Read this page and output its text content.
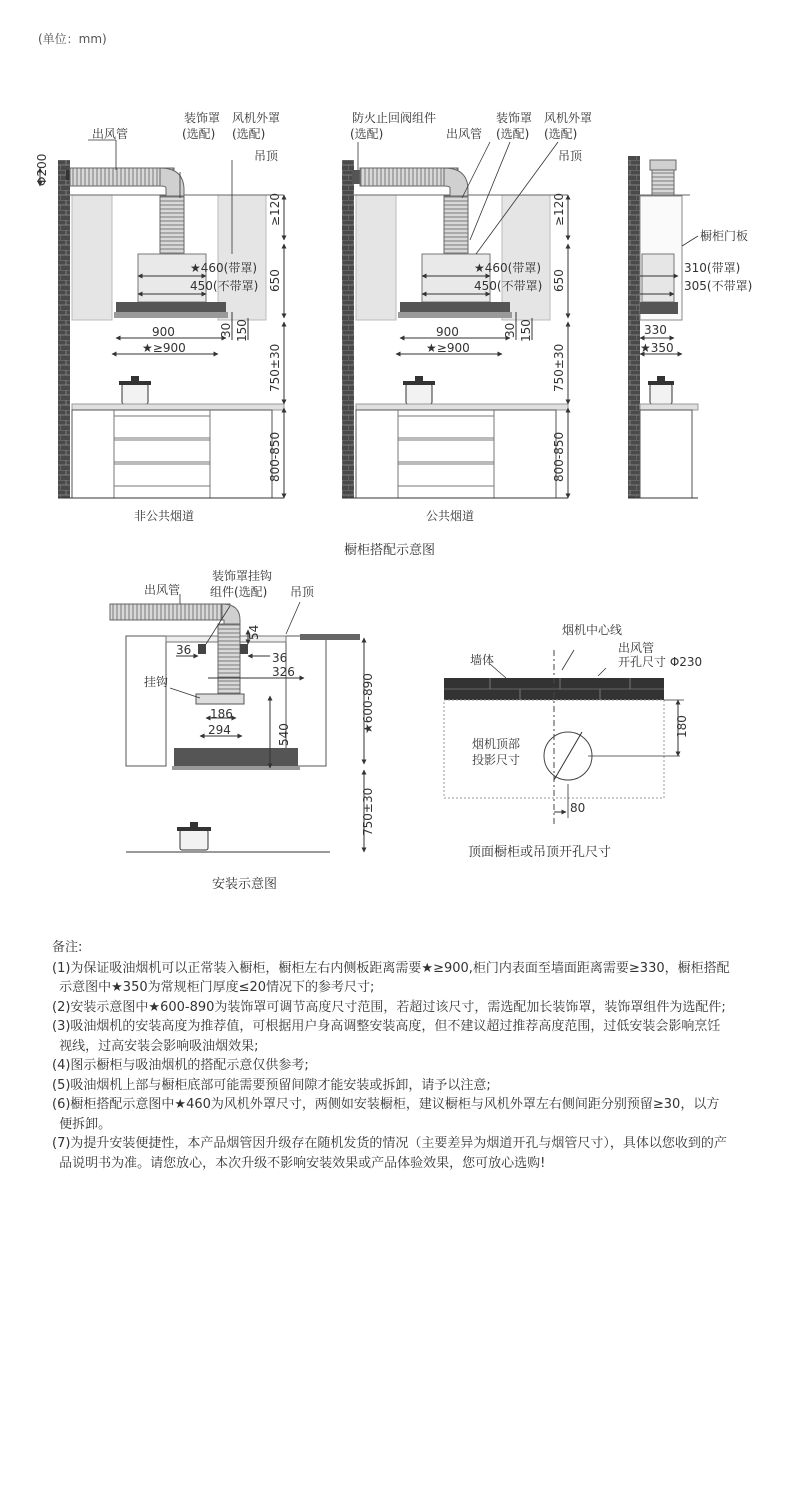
(单位：mm)
出风管
装饰罩
(选配)
风机外罩
(选配)
吊顶
Φ200
≥120
650
750±30
800-850
★460(带罩)
450(不带罩)
900	30 150
★≥900
非公共烟道
防火止回阀组件
(选配)	出风管
装饰罩
(选配)
风机外罩
(选配)
吊顶
≥120
650
750±30
800-850
★460(带罩)
450(不带罩)
900	30 150
★≥900
公共烟道
橱柜门板
310(带罩)
305(不带罩)
330
★350
橱柜搭配示意图
出风管
装饰罩挂钩
组件(选配) 吊顶
挂钩
54
36
36
326
186
294	540
★600-890
750±30
安装示意图
烟机中心线
墙体
出风管
开孔尺寸 Φ230
烟机顶部
投影尺寸
180
80
顶面橱柜或吊顶开孔尺寸
备注:
(1)为保证吸油烟机可以正常装入橱柜，橱柜左右内侧板距离需要★≥900,柜门内表面至墙面距离需要≥330，橱柜搭配示意图中★350为常规柜门厚度≤20情况下的参考尺寸;
(2)安装示意图中★600-890为装饰罩可调节高度尺寸范围，若超过该尺寸，需选配加长装饰罩，装饰罩组件为选配件;
(3)吸油烟机的安装高度为推荐值，可根据用户身高调整安装高度，但不建议超过推荐高度范围，过低安装会影响烹饪视线，过高安装会影响吸油烟效果;
(4)图示橱柜与吸油烟机的搭配示意仅供参考;
(5)吸油烟机上部与橱柜底部可能需要预留间隙才能安装或拆卸，请予以注意;
(6)橱柜搭配示意图中★460为风机外罩尺寸，两侧如安装橱柜，建议橱柜与风机外罩左右侧间距分别预留≥30，以方便拆卸。
(7)为提升安装便捷性，本产品烟管因升级存在随机发货的情况（主要差异为烟道开孔与烟管尺寸），具体以您收到的产品说明书为准。请您放心，本次升级不影响安装效果或产品体验效果，您可放心选购!
